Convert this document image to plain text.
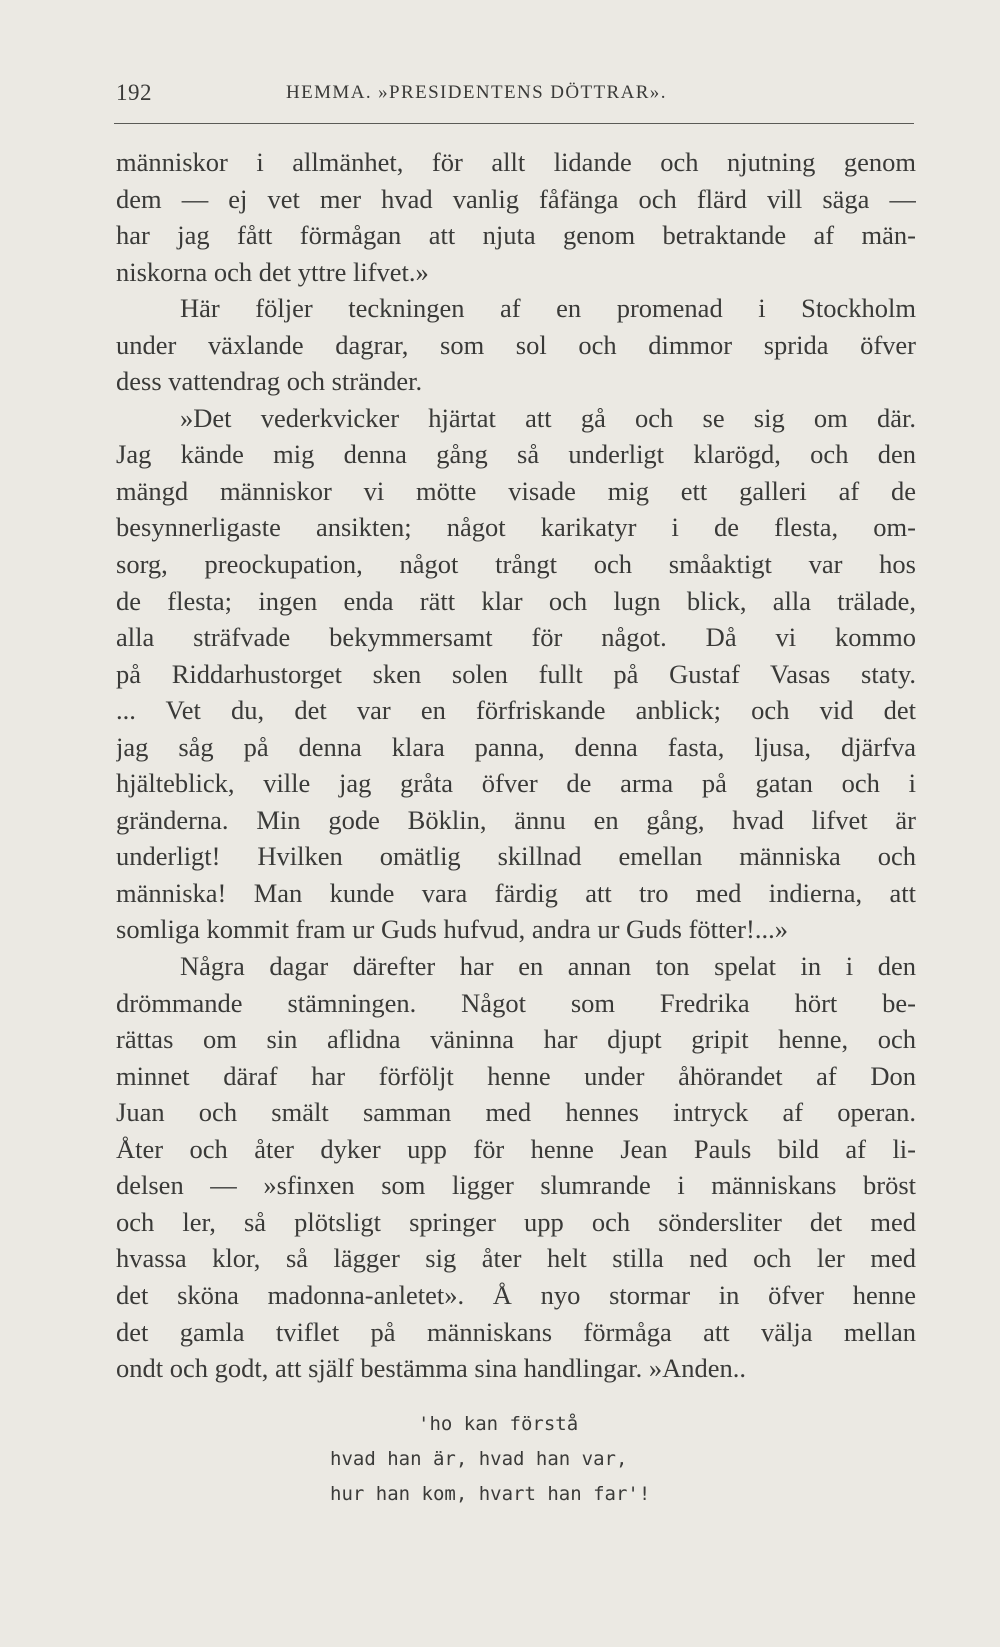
192	HEMMA. »PRESIDENTENS DÖTTRAR».
människor i allmänhet, för allt lidande och njutning genom
dem — ej vet mer hvad vanlig fåfänga och flärd vill säga —
har jag fått förmågan att njuta genom betraktande af män-
niskorna och det yttre lifvet.»
Här följer teckningen af en promenad i Stockholm
under växlande dagrar, som sol och dimmor sprida öfver
dess vattendrag och stränder.
»Det vederkvicker hjärtat att gå och se sig om där.
Jag kände mig denna gång så underligt klarögd, och den
mängd människor vi mötte visade mig ett galleri af de
besynnerligaste ansikten; något karikatyr i de flesta, om-
sorg, preockupation, något trångt och småaktigt var hos
de flesta; ingen enda rätt klar och lugn blick, alla trälade,
alla sträfvade bekymmersamt för något. Då vi kommo
på Riddarhustorget sken solen fullt på Gustaf Vasas staty.
... Vet du, det var en förfriskande anblick; och vid det
jag såg på denna klara panna, denna fasta, ljusa, djärfva
hjälteblick, ville jag gråta öfver de arma på gatan och i
gränderna. Min gode Böklin, ännu en gång, hvad lifvet är
underligt! Hvilken omätlig skillnad emellan människa och
människa! Man kunde vara färdig att tro med indierna, att
somliga kommit fram ur Guds hufvud, andra ur Guds fötter!...»
Några dagar därefter har en annan ton spelat in i den
drömmande stämningen. Något som Fredrika hört be-
rättas om sin aflidna väninna har djupt gripit henne, och
minnet däraf har förföljt henne under åhörandet af Don
Juan och smält samman med hennes intryck af operan.
Åter och åter dyker upp för henne Jean Pauls bild af li-
delsen — »sfinxen som ligger slumrande i människans bröst
och ler, så plötsligt springer upp och söndersliter det med
hvassa klor, så lägger sig åter helt stilla ned och ler med
det sköna madonna-anletet». Å nyo stormar in öfver henne
det gamla tviflet på människans förmåga att välja mellan
ondt och godt, att själf bestämma sina handlingar. »Anden..
'ho kan förstå
hvad han är, hvad han var,
hur han kom, hvart han far'!
